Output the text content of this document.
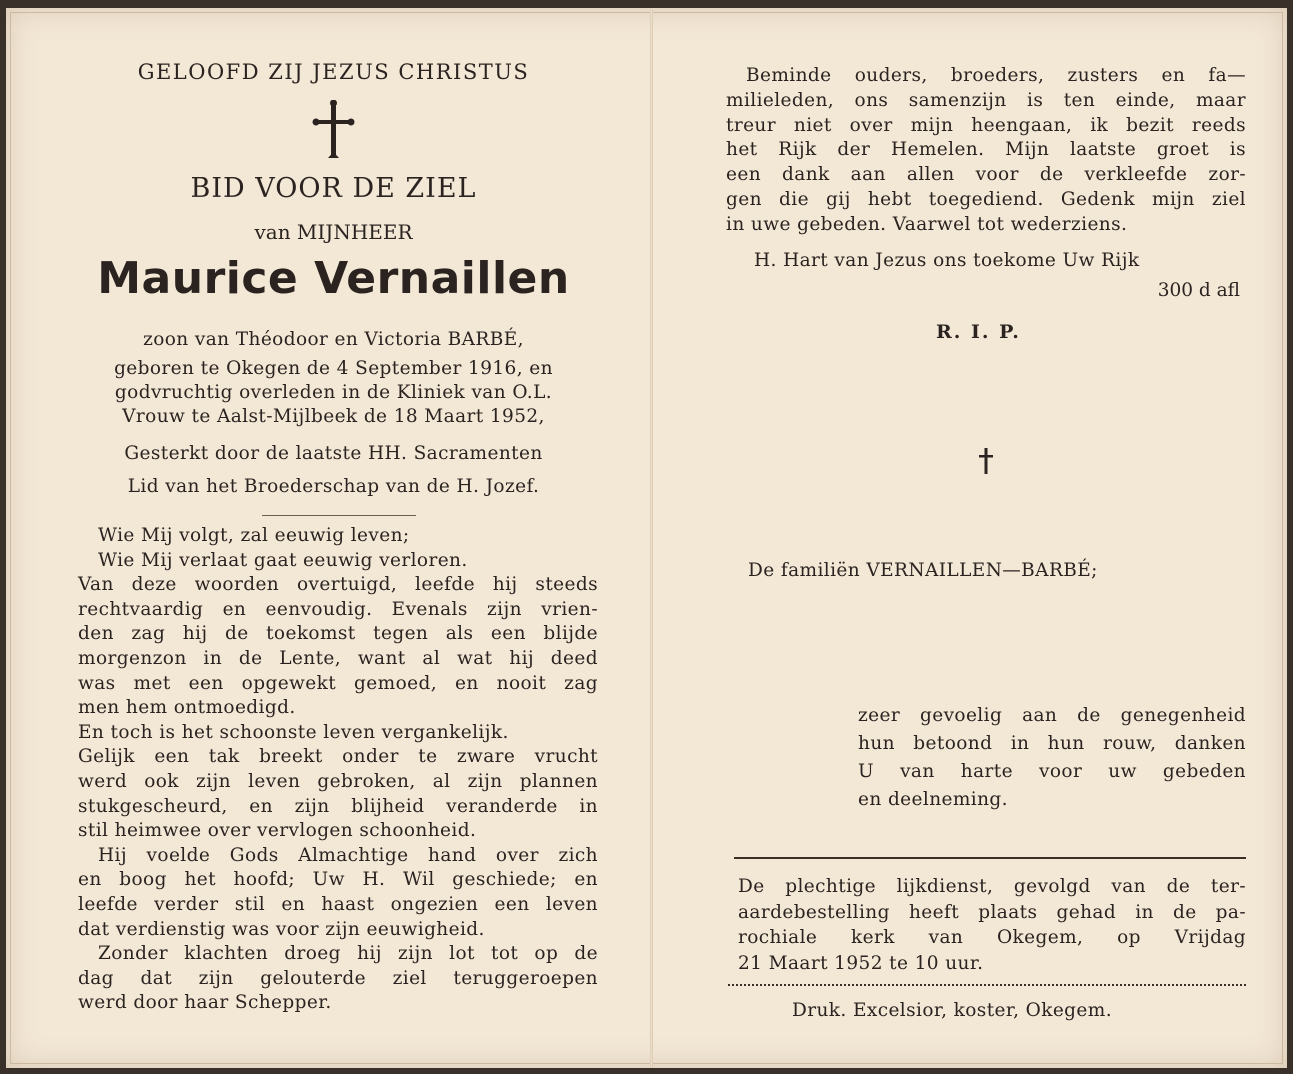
GELOOFD ZIJ JEZUS CHRISTUS
BID VOOR DE ZIEL
van MIJNHEER
Maurice Vernaillen
zoon van Théodoor en Victoria BARBÉ,
geboren te Okegen de 4 September 1916, en
godvruchtig overleden in de Kliniek van O.L.
Vrouw te Aalst-Mijlbeek de 18 Maart 1952,
Gesterkt door de laatste HH. Sacramenten
Lid van het Broederschap van de H. Jozef.
Wie Mij volgt, zal eeuwig leven;
Wie Mij verlaat gaat eeuwig verloren.
Van deze woorden overtuigd, leefde hij steeds
rechtvaardig en eenvoudig. Evenals zijn vrien-
den zag hij de toekomst tegen als een blijde
morgenzon in de Lente, want al wat hij deed
was met een opgewekt gemoed, en nooit zag
men hem ontmoedigd.
En toch is het schoonste leven vergankelijk.
Gelijk een tak breekt onder te zware vrucht
werd ook zijn leven gebroken, al zijn plannen
stukgescheurd, en zijn blijheid veranderde in
stil heimwee over vervlogen schoonheid.
Hij voelde Gods Almachtige hand over zich
en boog het hoofd; Uw H. Wil geschiede; en
leefde verder stil en haast ongezien een leven
dat verdienstig was voor zijn eeuwigheid.
Zonder klachten droeg hij zijn lot tot op de
dag dat zijn gelouterde ziel teruggeroepen
werd door haar Schepper.
Beminde ouders, broeders, zusters en fa—
milieleden, ons samenzijn is ten einde, maar
treur niet over mijn heengaan, ik bezit reeds
het Rijk der Hemelen. Mijn laatste groet is
een dank aan allen voor de verkleefde zor-
gen die gij hebt toegediend. Gedenk mijn ziel
in uwe gebeden. Vaarwel tot wederziens.
H. Hart van Jezus ons toekome Uw Rijk
300 d afl
R. I. P.
De familiën VERNAILLEN—BARBÉ;
zeer gevoelig aan de genegenheid
hun betoond in hun rouw, danken
U van harte voor uw gebeden
en deelneming.
De plechtige lijkdienst, gevolgd van de ter-
aardebestelling heeft plaats gehad in de pa-
rochiale kerk van Okegem, op Vrijdag
21 Maart 1952 te 10 uur.
Druk. Excelsior, koster, Okegem.
